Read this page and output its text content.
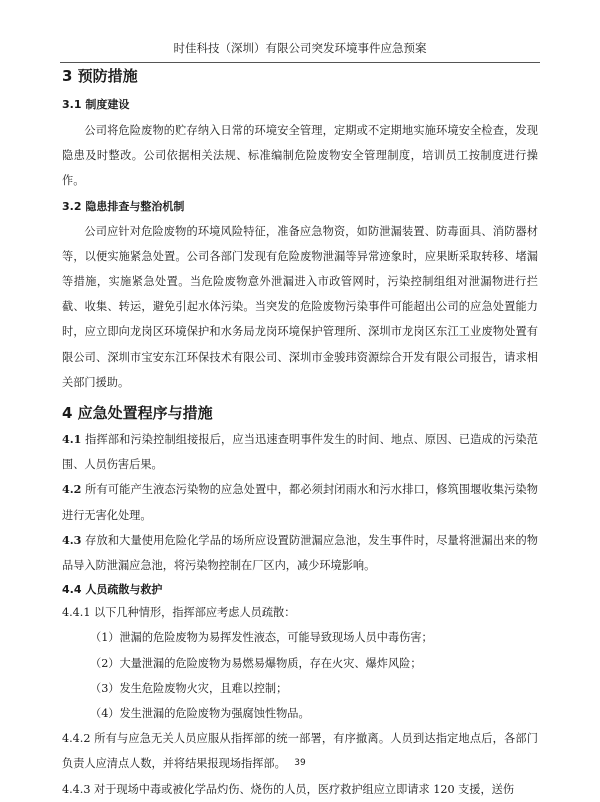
时佳科技（深圳）有限公司突发环境事件应急预案

3 预防措施

3.1 制度建设

公司将危险废物的贮存纳入日常的环境安全管理，定期或不定期地实施环境安全检查，发现隐患及时整改。公司依据相关法规、标准编制危险废物安全管理制度，培训员工按制度进行操作。

3.2 隐患排查与整治机制

公司应针对危险废物的环境风险特征，准备应急物资，如防泄漏装置、防毒面具、消防器材等，以便实施紧急处置。公司各部门发现有危险废物泄漏等异常迹象时，应果断采取转移、堵漏等措施，实施紧急处置。当危险废物意外泄漏进入市政管网时，污染控制组组对泄漏物进行拦截、收集、转运，避免引起水体污染。当突发的危险废物污染事件可能超出公司的应急处置能力时，应立即向龙岗区环境保护和水务局龙岗环境保护管理所、深圳市龙岗区东江工业废物处置有限公司、深圳市宝安东江环保技术有限公司、深圳市金骏玮资源综合开发有限公司报告，请求相关部门援助。

4 应急处置程序与措施

4.1 指挥部和污染控制组接报后，应当迅速查明事件发生的时间、地点、原因、已造成的污染范围、人员伤害后果。

4.2 所有可能产生液态污染物的应急处置中，都必须封闭雨水和污水排口，修筑围堰收集污染物进行无害化处理。

4.3 存放和大量使用危险化学品的场所应设置防泄漏应急池，发生事件时，尽量将泄漏出来的物品导入防泄漏应急池，将污染物控制在厂区内，减少环境影响。

4.4 人员疏散与救护

4.4.1 以下几种情形，指挥部应考虑人员疏散：

（1）泄漏的危险废物为易挥发性液态，可能导致现场人员中毒伤害；

（2）大量泄漏的危险废物为易燃易爆物质，存在火灾、爆炸风险；

（3）发生危险废物火灾，且难以控制；

（4）发生泄漏的危险废物为强腐蚀性物品。

4.4.2 所有与应急无关人员应服从指挥部的统一部署，有序撤离。人员到达指定地点后，各部门负责人应清点人数，并将结果报现场指挥部。

4.4.3 对于现场中毒或被化学品灼伤、烧伤的人员，医疗救护组应立即请求 120 支援，送伤

39
